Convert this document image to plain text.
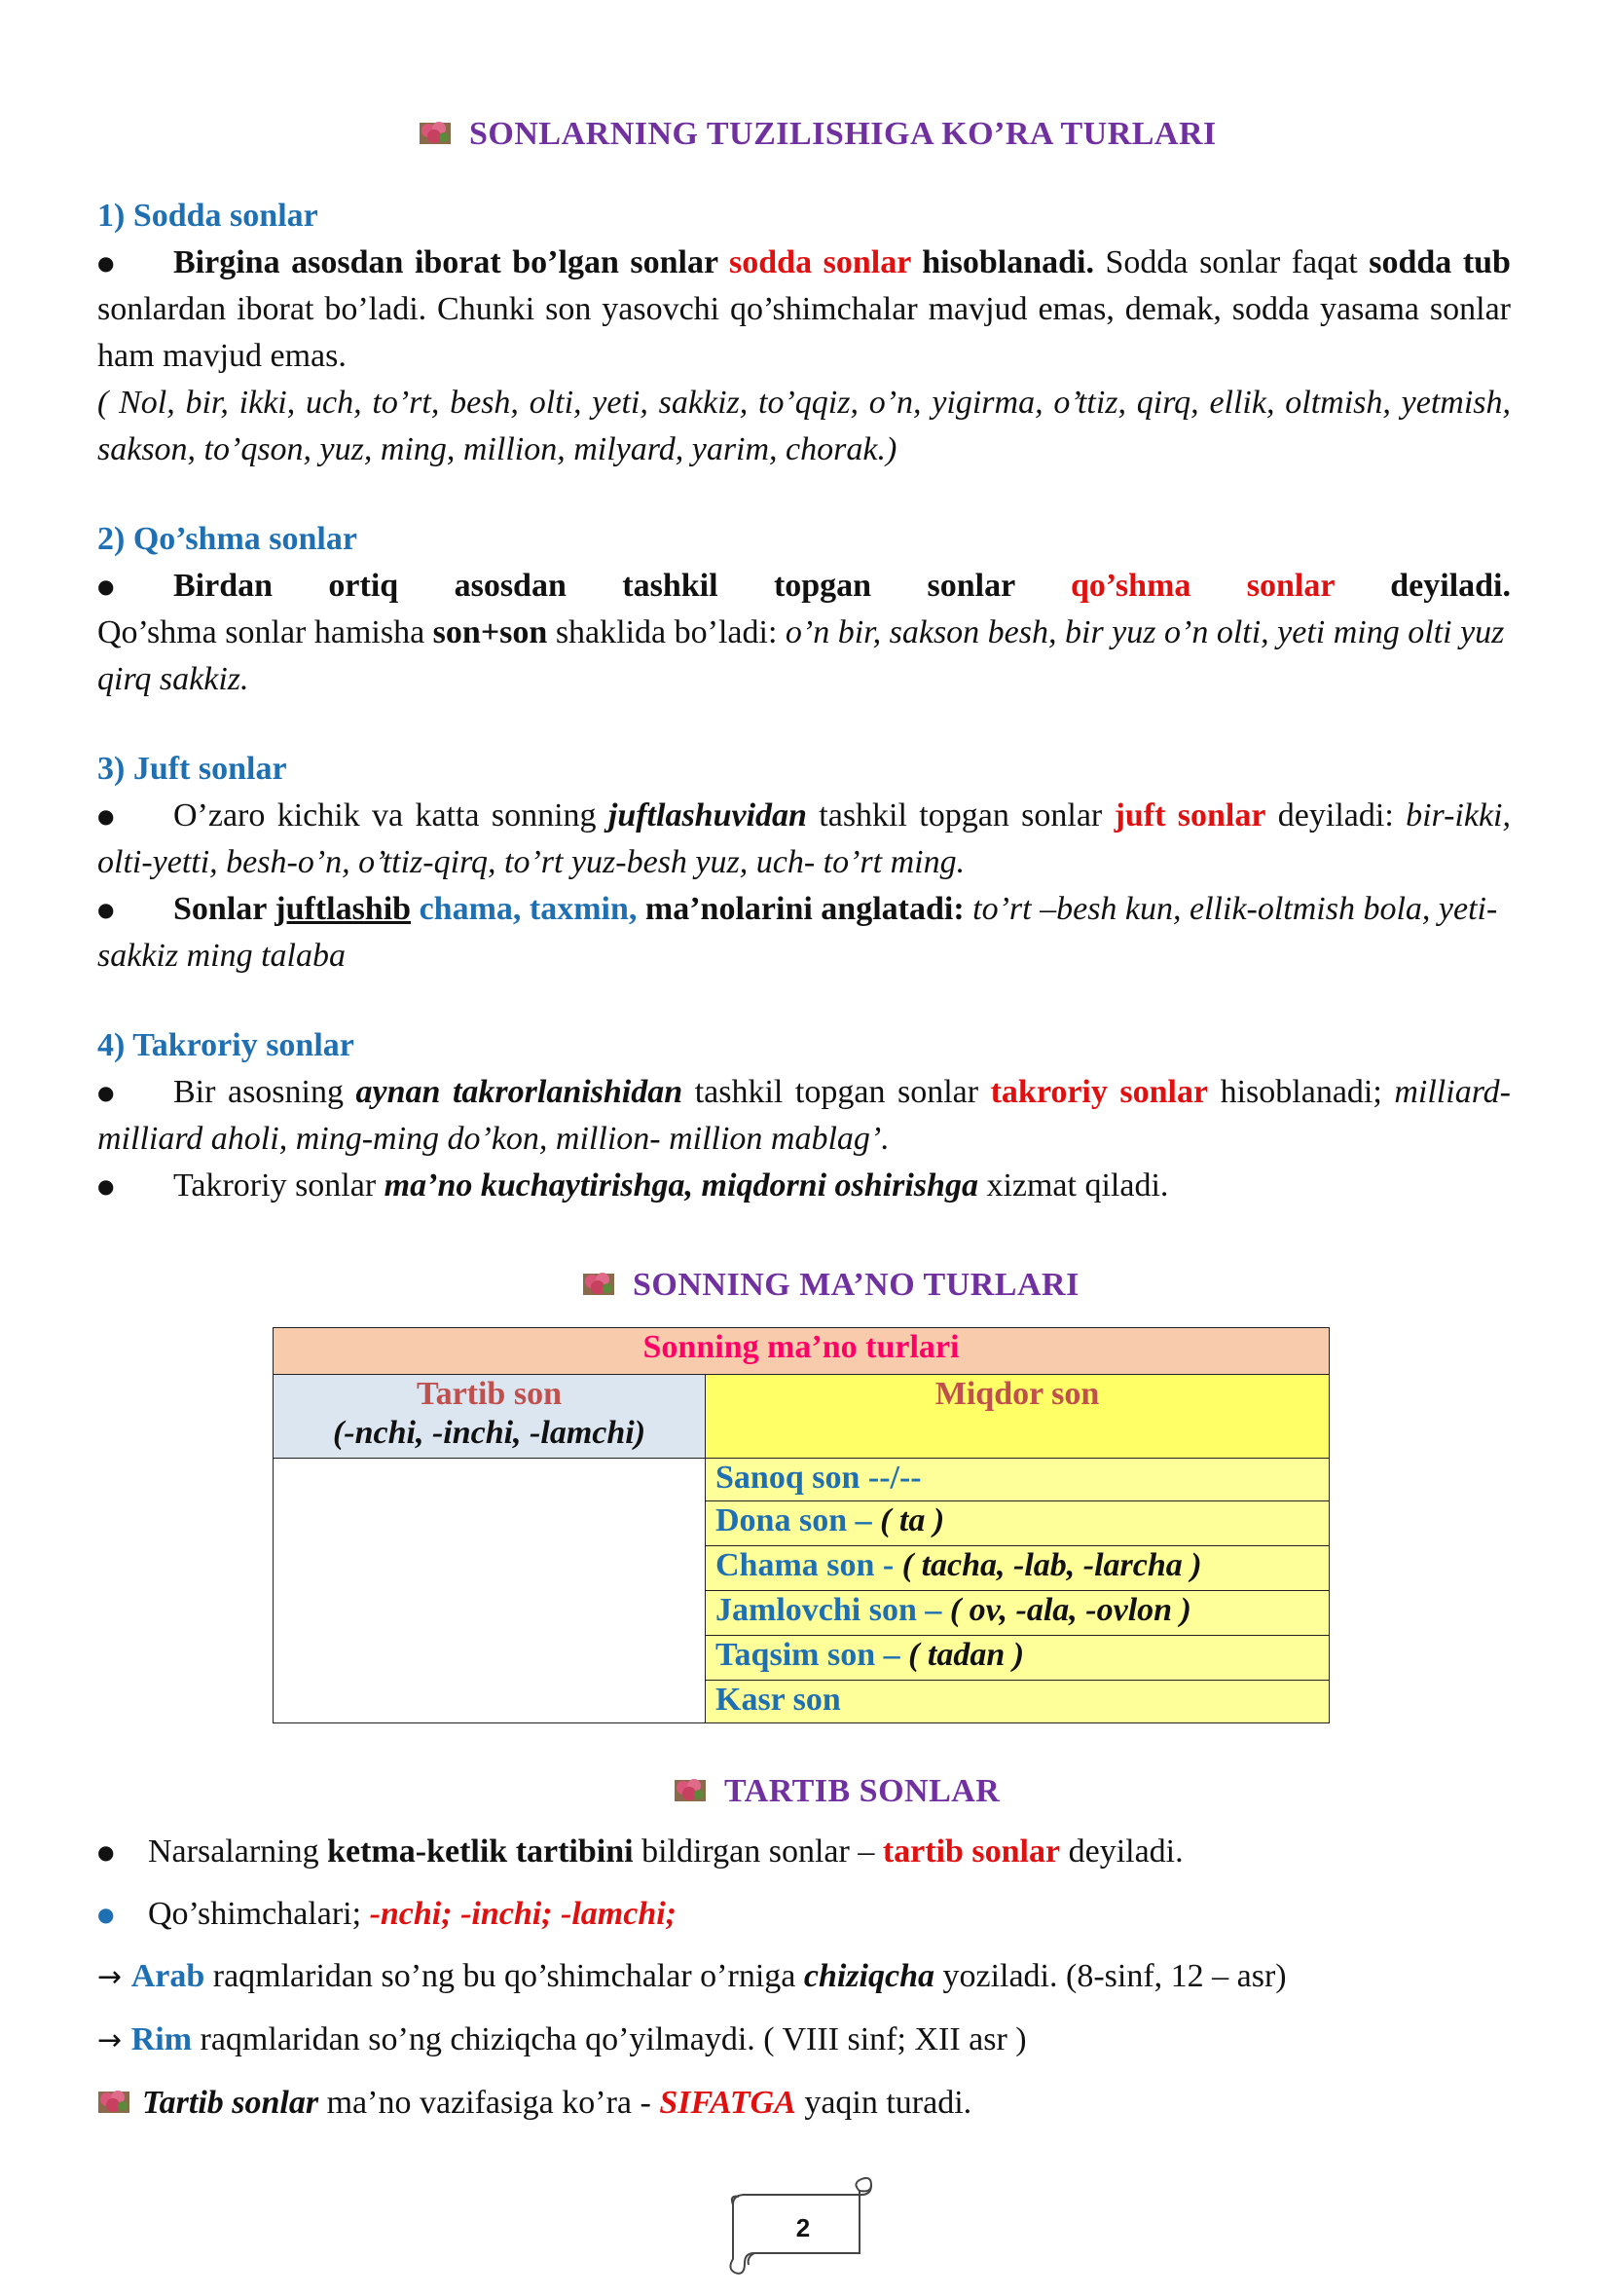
SONLARNING TUZILISHIGA KO’RA TURLARI
1) Sodda sonlar

● Birgina asosdan iborat bo’lgan sonlar sodda sonlar hisoblanadi. Sodda sonlar faqat sodda tub sonlardan iborat bo’ladi. Chunki son yasovchi qo’shimchalar mavjud emas, demak, sodda yasama sonlar ham mavjud emas.

( Nol, bir, ikki, uch, to’rt, besh, olti, yeti, sakkiz, to’qqiz, o’n, yigirma, o’ttiz, qirq, ellik, oltmish, yetmish, sakson, to’qson, yuz, ming, million, milyard, yarim, chorak.)

2) Qo’shma sonlar

● Birdan ortiq asosdan tashkil topgan sonlar qo’shma sonlar deyiladi.

Qo’shma sonlar hamisha son+son shaklida bo’ladi: o’n bir, sakson besh, bir yuz o’n olti, yeti ming olti yuz qirq sakkiz.

3) Juft sonlar

● O’zaro kichik va katta sonning juftlashuvidan tashkil topgan sonlar juft sonlar deyiladi: bir-ikki, olti-yetti, besh-o’n, o’ttiz-qirq, to’rt yuz-besh yuz, uch- to’rt ming.

● Sonlar juftlashib chama, taxmin, ma’nolarini anglatadi: to’rt –besh kun, ellik-oltmish bola, yeti-sakkiz ming talaba

4) Takroriy sonlar

● Bir asosning aynan takrorlanishidan tashkil topgan sonlar takroriy sonlar hisoblanadi; milliard-milliard aholi, ming-ming do’kon, million- million mablag’.

● Takroriy sonlar ma’no kuchaytirishga, miqdorni oshirishga xizmat qiladi.

SONNING MA’NO TURLARI
Sonning ma’no turlari	

Tartib son
(-nchi, -inchi, -lamchi)	Miqdor son
	Sanoq son --/--
	Dona son – ( ta )
	Chama son - ( tacha, -lab, -larcha )
	Jamlovchi son – ( ov, -ala, -ovlon )
	Taqsim son – ( tadan )
	Kasr son
TARTIB SONLAR

● Narsalarning ketma-ketlik tartibini bildirgan sonlar – tartib sonlar deyiladi.

● Qo’shimchalari; -nchi; -inchi; -lamchi;

→ Arab raqmlaridan so’ng bu qo’shimchalar o’rniga chiziqcha yoziladi. (8-sinf, 12 – asr)

→ Rim raqmlaridan so’ng chiziqcha qo’yilmaydi. ( VIII sinf; XII asr )

Tartib sonlar ma’no vazifasiga ko’ra - SIFATGA yaqin turadi.

2
